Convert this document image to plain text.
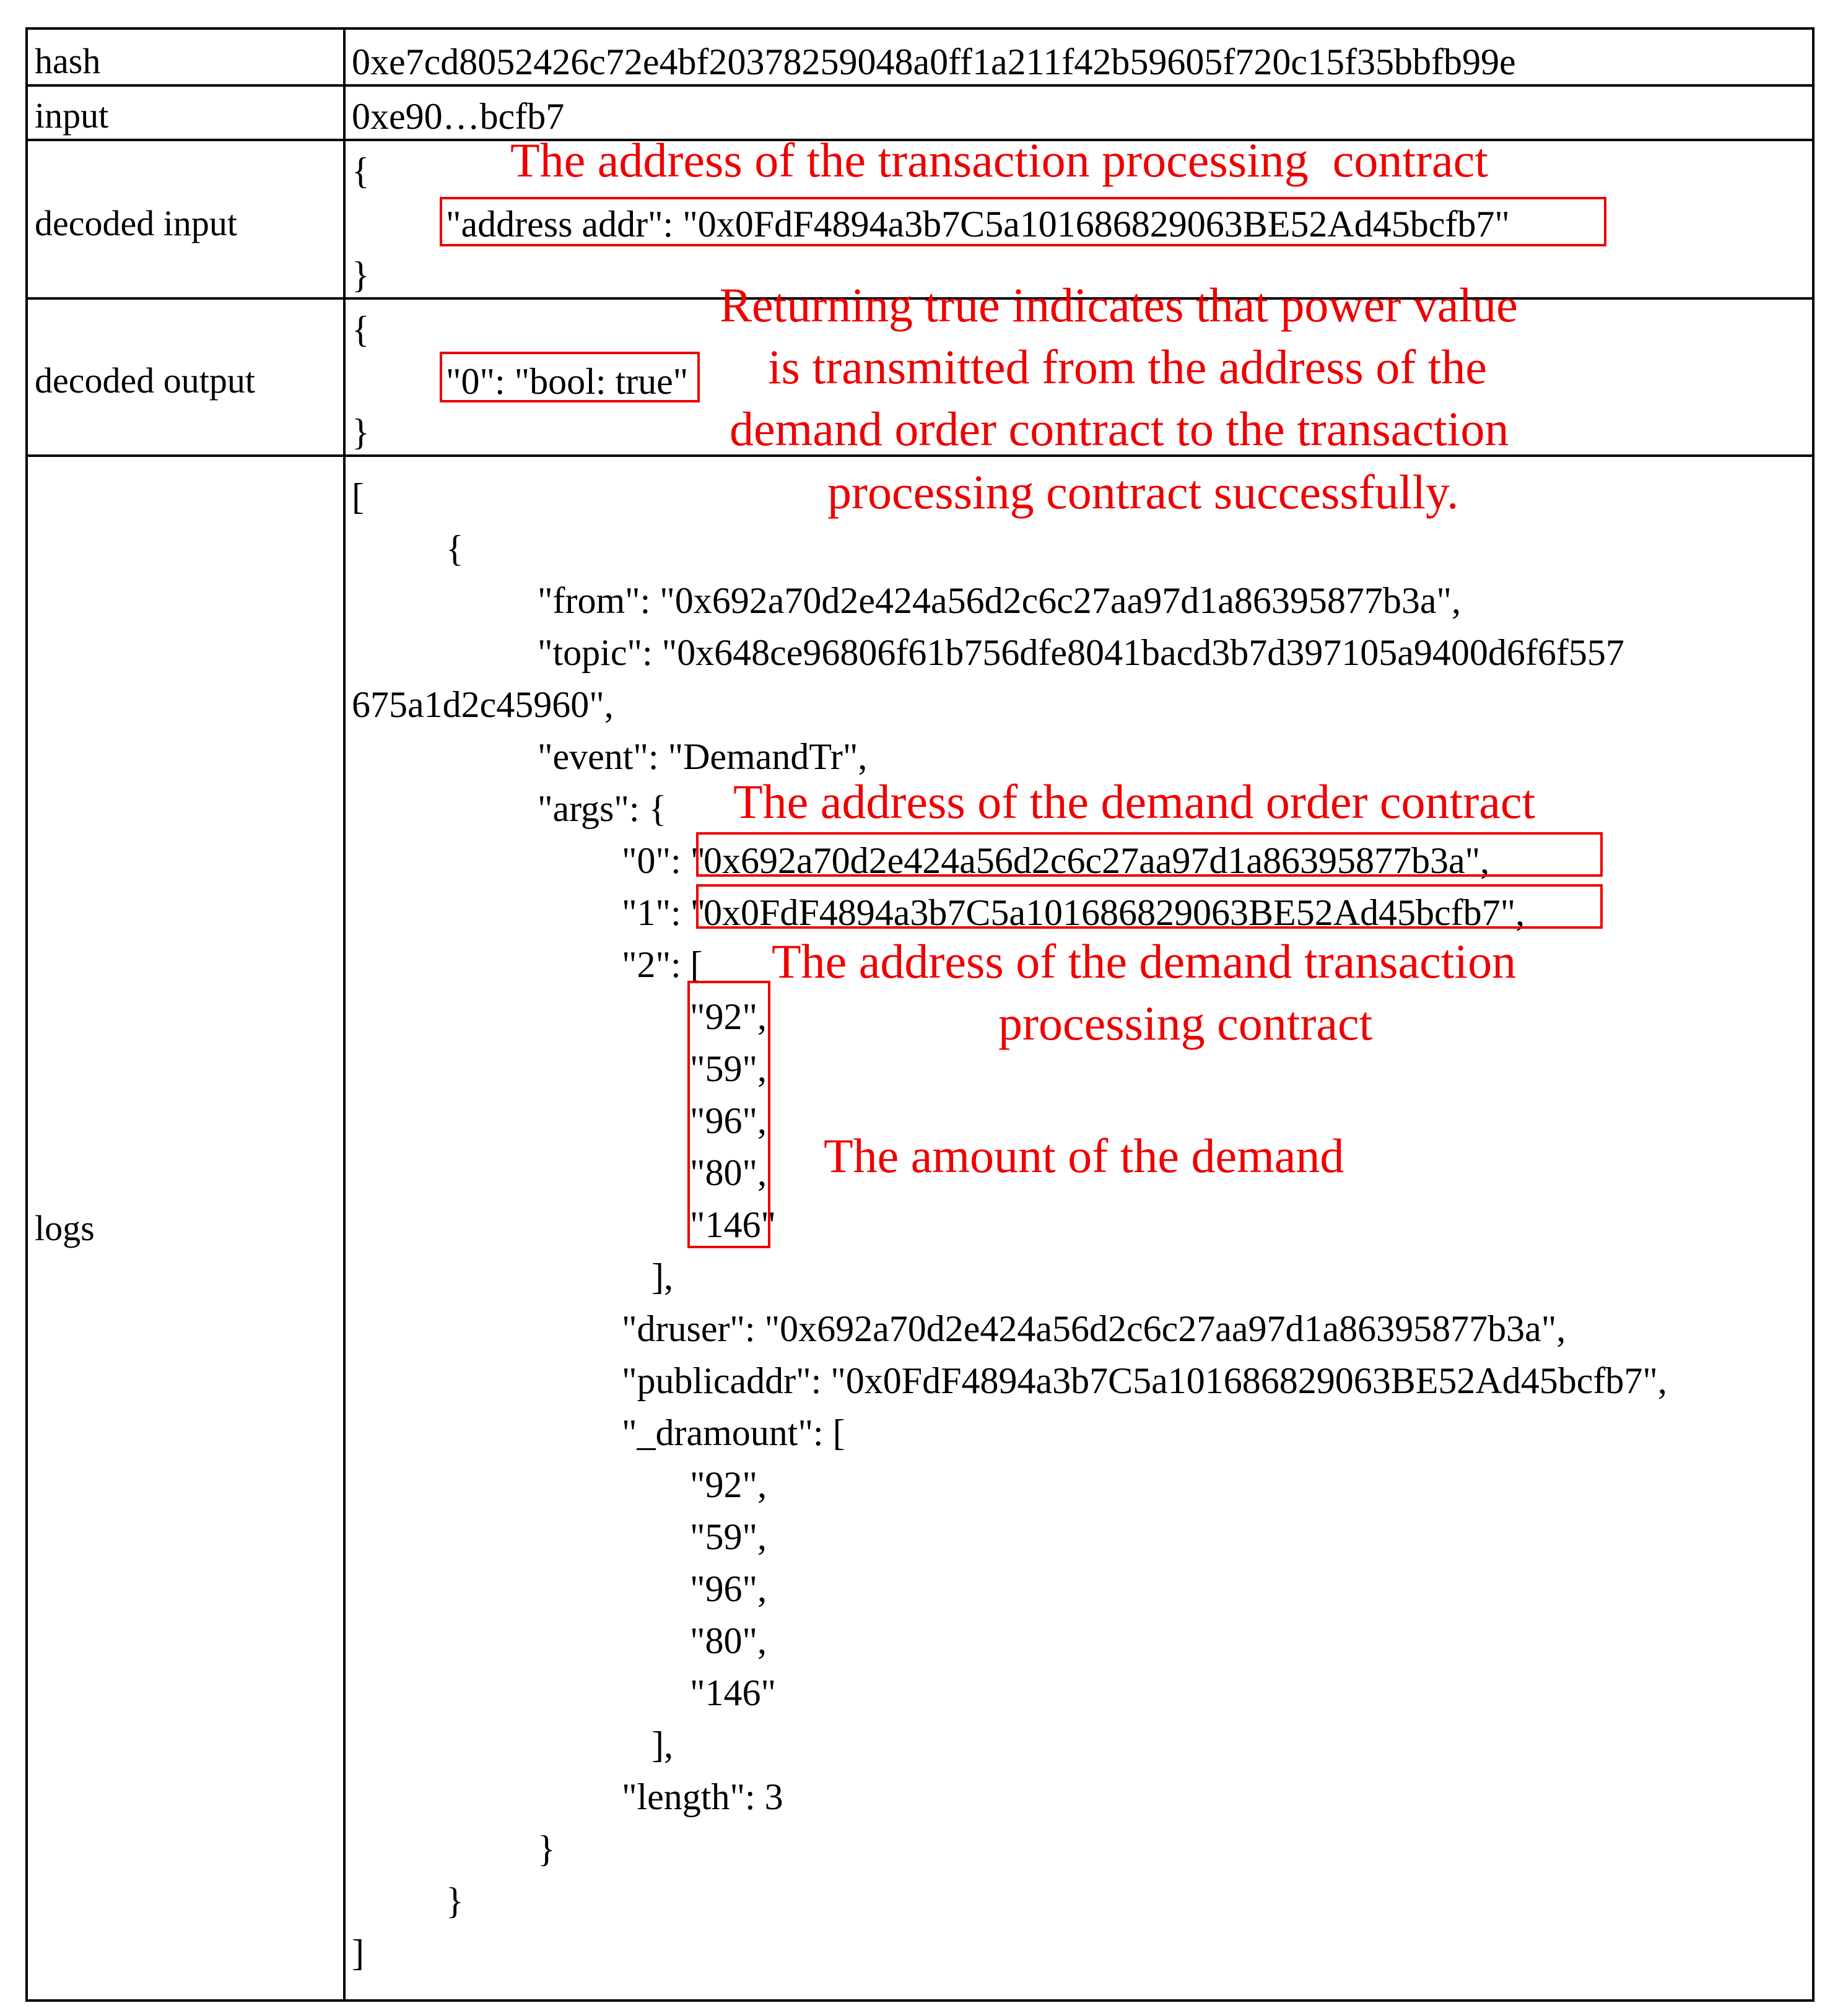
hash
input
decoded input
decoded output
logs
0xe7cd8052426c72e4bf20378259048a0ff1a211f42b59605f720c15f35bbfb99e
0xe90…bcfb7
{
"address addr": "0x0FdF4894a3b7C5a101686829063BE52Ad45bcfb7"
}
{
"0": "bool: true"
}
[
{
"from": "0x692a70d2e424a56d2c6c27aa97d1a86395877b3a",
"topic": "0x648ce96806f61b756dfe8041bacd3b7d397105a9400d6f6f557
675a1d2c45960",
"event": "DemandTr",
"args": {
"0": "
0x692a70d2e424a56d2c6c27aa97d1a86395877b3a",
"1": "
0x0FdF4894a3b7C5a101686829063BE52Ad45bcfb7",
"2": [
"92",
"59",
"96",
"80",
"146"
],
"druser": "0x692a70d2e424a56d2c6c27aa97d1a86395877b3a",
"publicaddr": "0x0FdF4894a3b7C5a101686829063BE52Ad45bcfb7",
"_dramount": [
"92",
"59",
"96",
"80",
"146"
],
"length": 3
}
}
]
The address of the transaction processing  contract
Returning true indicates that power value
is transmitted from the address of the
demand order contract to the transaction
processing contract successfully.
The address of the demand order contract
The address of the demand transaction
processing contract
The amount of the demand
